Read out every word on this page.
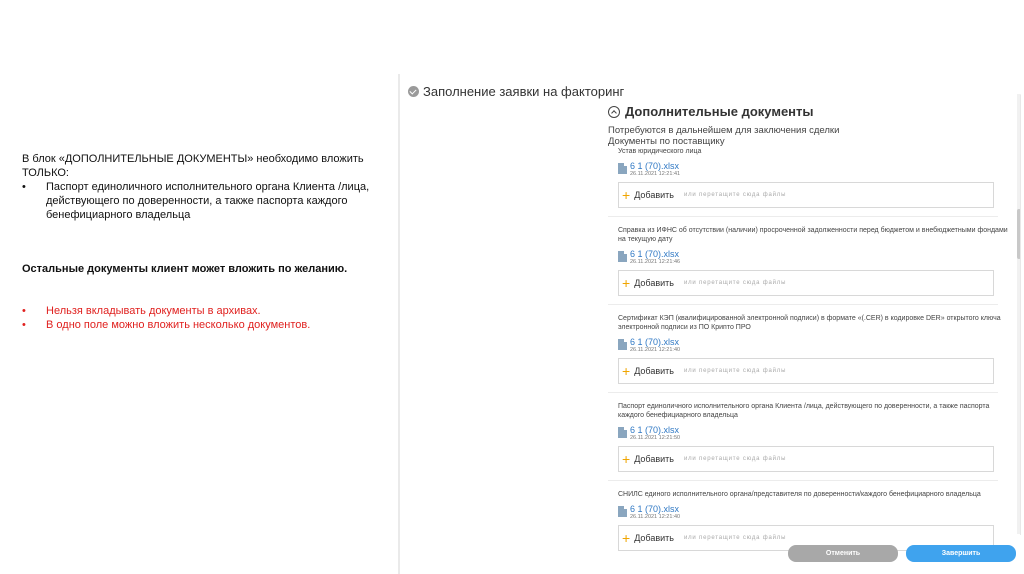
В блок «ДОПОЛНИТЕЛЬНЫЕ ДОКУМЕНТЫ» необходимо вложить ТОЛЬКО:

• Паспорт единоличного исполнительного органа Клиента /лица, действующего по доверенности, а также паспорта каждого бенефициарного владельца

Остальные документы клиент может вложить по желанию.

• Нельзя вкладывать документы в архивах.
• В одно поле можно вложить несколько документов.
Заполнение заявки на факторинг
Дополнительные документы
Потребуются в дальнейшем для заключения сделки
Документы по поставщику
Устав юридического лица
6 1 (70).xlsx
26.11.2021 12:21:41
+ Добавить или перетащите сюда файлы
Справка из ИФНС об отсутствии (наличии) просроченной задолженности перед бюджетом и внебюджетными фондами на текущую дату
6 1 (70).xlsx
26.11.2021 12:21:46
+ Добавить или перетащите сюда файлы
Сертификат КЭП (квалифицированной электронной подписи) в формате «(.CER) в кодировке DER» открытого ключа электронной подписи из ПО Крипто ПРО
6 1 (70).xlsx
26.11.2021 12:21:40
+ Добавить или перетащите сюда файлы
Паспорт единоличного исполнительного органа Клиента /лица, действующего по доверенности, а также паспорта каждого бенефициарного владельца
6 1 (70).xlsx
26.11.2021 12:21:50
+ Добавить или перетащите сюда файлы
СНИЛС единого исполнительного органа/представителя по доверенности/каждого бенефициарного владельца
6 1 (70).xlsx
26.11.2021 12:21:40
+ Добавить или перетащите сюда файлы
Отменить	Завершить
